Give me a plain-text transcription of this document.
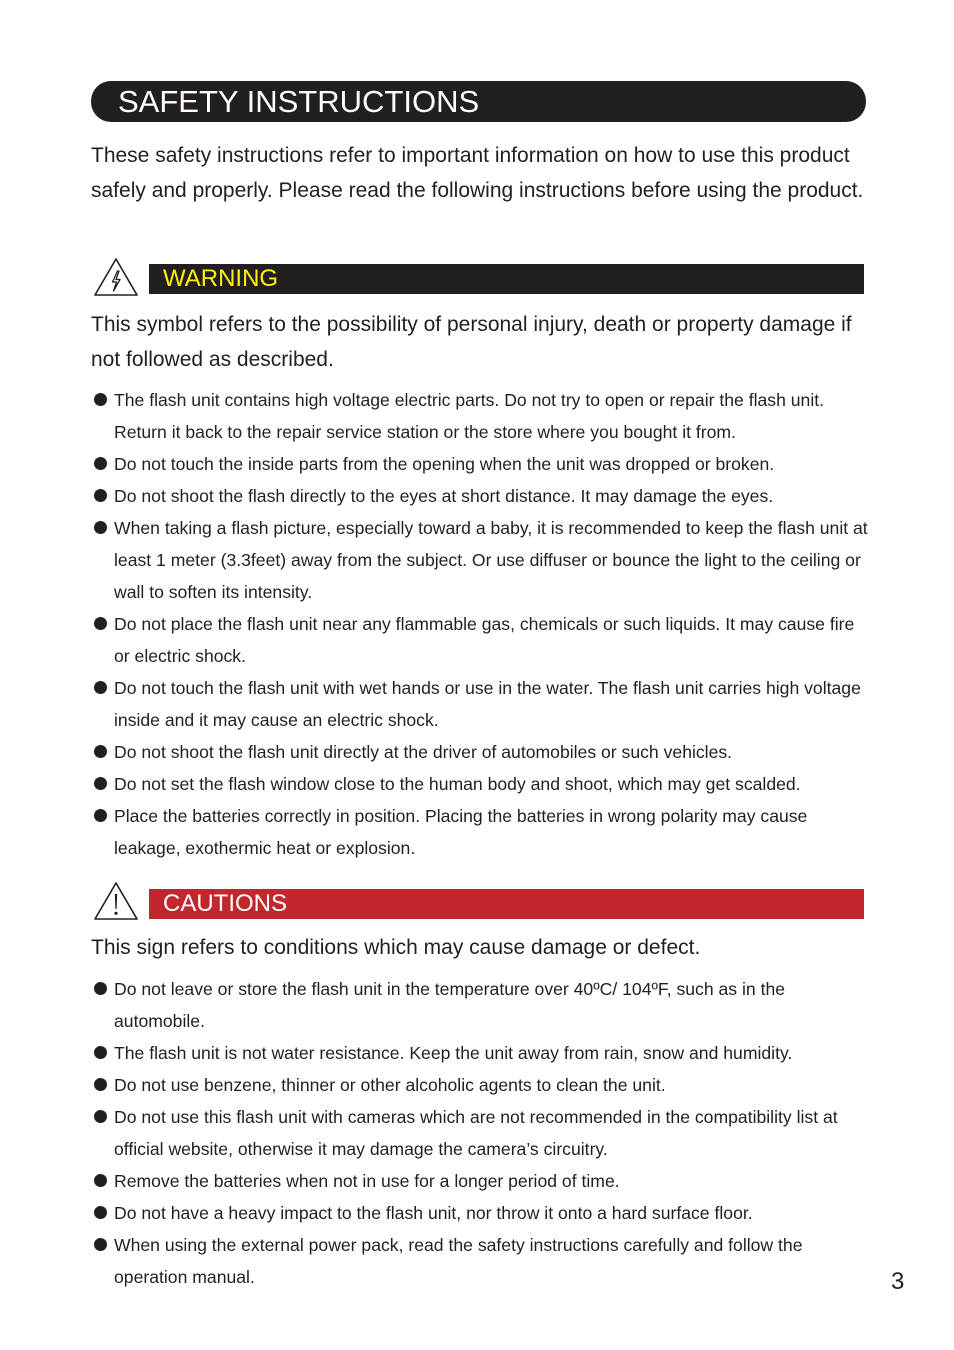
SAFETY INSTRUCTIONS

These safety instructions refer to important information on how to use this product safely and properly. Please read the following instructions before using the product.

WARNING

This symbol refers to the possibility of personal injury, death or property damage if not followed as described.

The flash unit contains high voltage electric parts. Do not try to open or repair the flash unit. Return it back to the repair service station or the store where you bought it from.
Do not touch the inside parts from the opening when the unit was dropped or broken.
Do not shoot the flash directly to the eyes at short distance. It may damage the eyes.
When taking a flash picture, especially toward a baby, it is recommended to keep the flash unit at least 1 meter (3.3feet) away from the subject. Or use diffuser or bounce the light to the ceiling or wall to soften its intensity.
Do not place the flash unit near any flammable gas, chemicals or such liquids. It may cause fire or electric shock.
Do not touch the flash unit with wet hands or use in the water. The flash unit carries high voltage inside and it may cause an electric shock.
Do not shoot the flash unit directly at the driver of automobiles or such vehicles.
Do not set the flash window close to the human body and shoot, which may get scalded.
Place the batteries correctly in position. Placing the batteries in wrong polarity may cause leakage, exothermic heat or explosion.
CAUTIONS

This sign refers to conditions which may cause damage or defect.

Do not leave or store the flash unit in the temperature over 40ºC/ 104ºF, such as in the automobile.
The flash unit is not water resistance. Keep the unit away from rain, snow and humidity.
Do not use benzene, thinner or other alcoholic agents to clean the unit.
Do not use this flash unit with cameras which are not recommended in the compatibility list at official website, otherwise it may damage the camera’s circuitry.
Remove the batteries when not in use for a longer period of time.
Do not have a heavy impact to the flash unit, nor throw it onto a hard surface floor.
When using the external power pack, read the safety instructions carefully and follow the operation manual.	3
